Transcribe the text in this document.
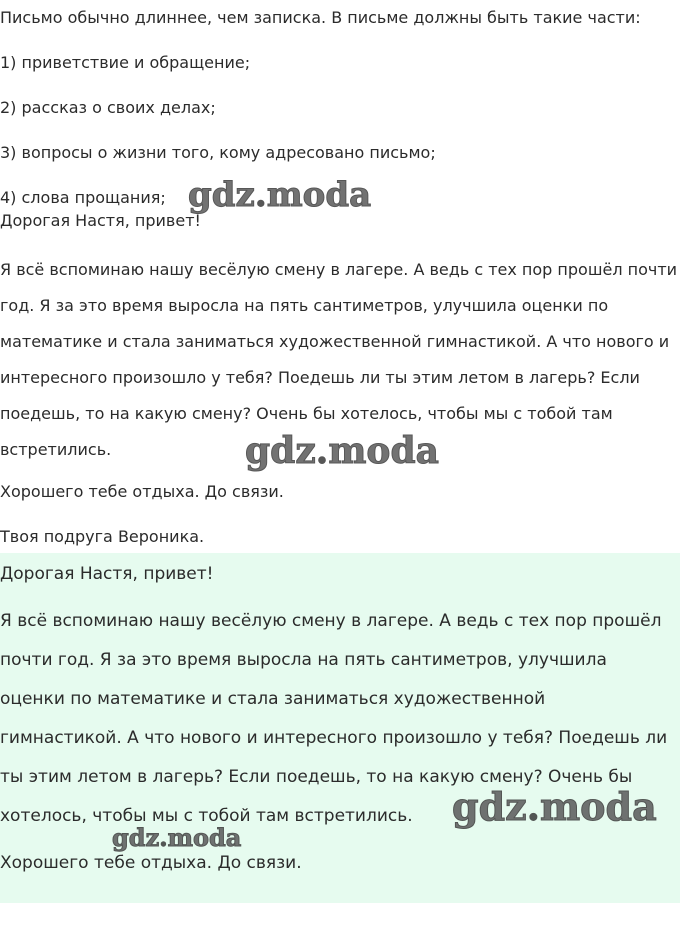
Письмо обычно длиннее, чем записка. В письме должны быть такие части:

1) приветствие и обращение;

2) рассказ о своих делах;

3) вопросы о жизни того, кому адресовано письмо;

4) слова прощания;

Дорогая Настя, привет!

Я всё вспоминаю нашу весёлую смену в лагере. А ведь с тех пор прошёл почти год. Я за это время выросла на пять сантиметров, улучшила оценки по математике и стала заниматься художественной гимнастикой. А что нового и интересного произошло у тебя? Поедешь ли ты этим летом в лагерь? Если поедешь, то на какую смену? Очень бы хотелось, чтобы мы с тобой там встретились.

Хорошего тебе отдыха. До связи.

Твоя подруга Вероника.

Дорогая Настя, привет!

Я всё вспоминаю нашу весёлую смену в лагере. А ведь с тех пор прошёл почти год. Я за это время выросла на пять сантиметров, улучшила оценки по математике и стала заниматься художественной гимнастикой. А что нового и интересного произошло у тебя? Поедешь ли ты этим летом в лагерь? Если поедешь, то на какую смену? Очень бы хотелось, чтобы мы с тобой там встретились.

Хорошего тебе отдыха. До связи.

gdz.moda
gdz.moda
gdz.moda
gdz.moda
